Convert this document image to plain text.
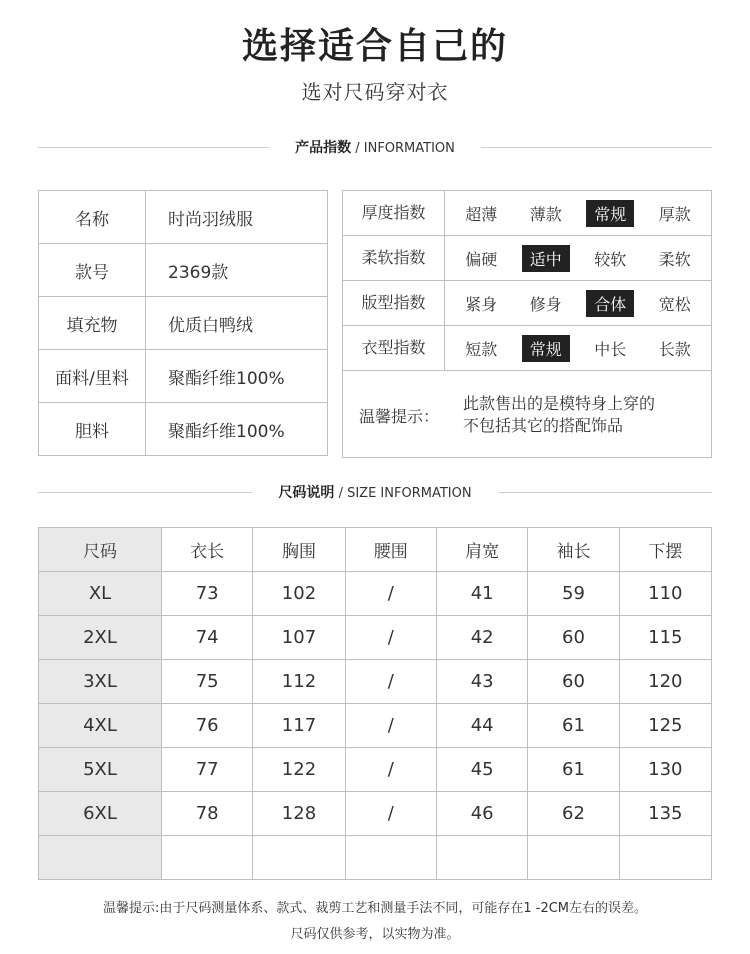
选择适合自己的
选对尺码穿对衣
产品指数 / INFORMATION
名称	时尚羽绒服
款号	2369款
填充物	优质白鸭绒
面料/里料	聚酯纤维100%
胆料	聚酯纤维100%
厚度指数	超薄	薄款	常规	厚款
柔软指数	偏硬	适中	较软	柔软
版型指数	紧身	修身	合体	宽松
衣型指数	短款	常规	中长	长款
温馨提示：
此款售出的是模特身上穿的
不包括其它的搭配饰品
尺码说明 / SIZE INFORMATION
尺码	衣长	胸围	腰围	肩宽	袖长	下摆
XL	73	102	/	41	59	110
2XL	74	107	/	42	60	115
3XL	75	112	/	43	60	120
4XL	76	117	/	44	61	125
5XL	77	122	/	45	61	130
6XL	78	128	/	46	62	135

温馨提示:由于尺码测量体系、款式、裁剪工艺和测量手法不同，可能存在1 -2CM左右的误差。
尺码仅供参考，以实物为准。
